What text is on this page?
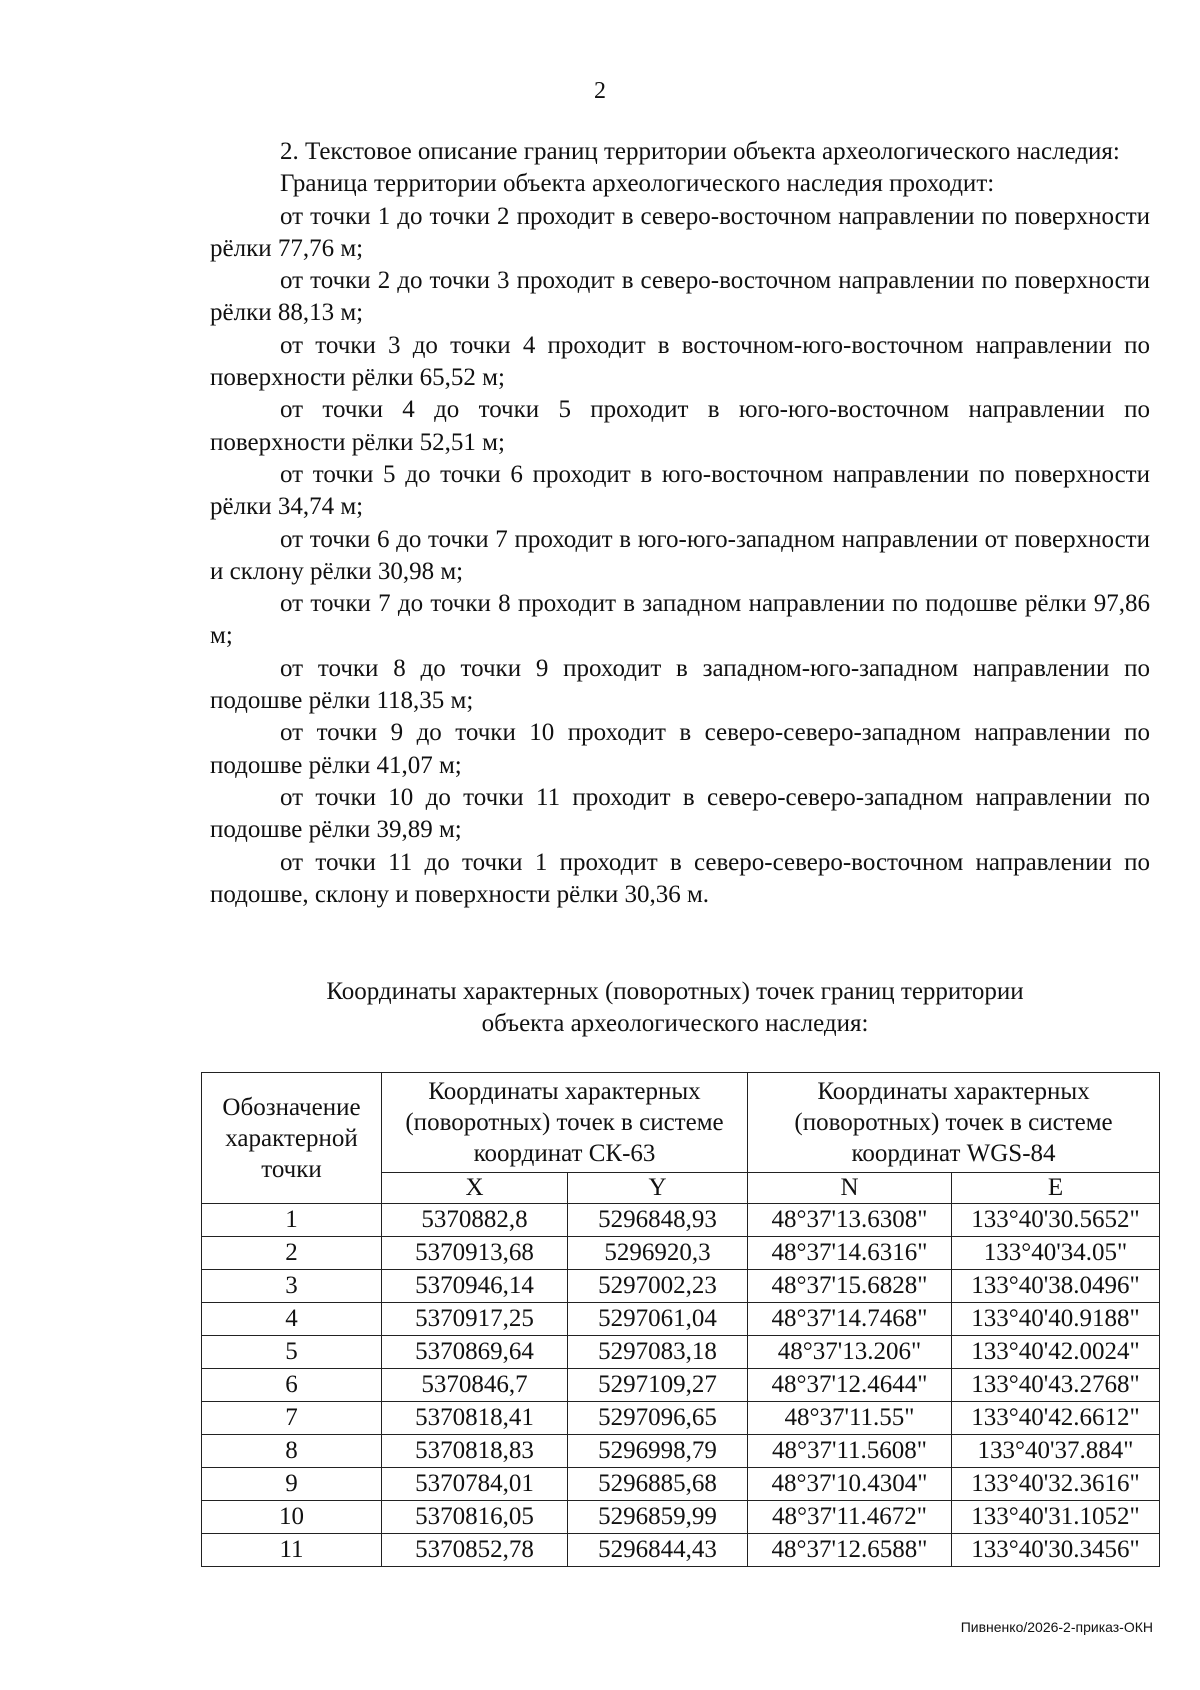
2

2. Текстовое описание границ территории объекта археологического наследия:

Граница территории объекта археологического наследия проходит:

от точки 1 до точки 2 проходит в северо-восточном направлении по поверхности рёлки 77,76 м;

от точки 2 до точки 3 проходит в северо-восточном направлении по поверхности рёлки 88,13 м;

от точки 3 до точки 4 проходит в восточном-юго-восточном направлении по поверхности рёлки 65,52 м;

от точки 4 до точки 5 проходит в юго-юго-восточном направлении по поверхности рёлки 52,51 м;

от точки 5 до точки 6 проходит в юго-восточном направлении по поверхности рёлки 34,74 м;

от точки 6 до точки 7 проходит в юго-юго-западном направлении от поверхности и склону рёлки 30,98 м;

от точки 7 до точки 8 проходит в западном направлении по подошве рёлки 97,86 м;

от точки 8 до точки 9 проходит в западном-юго-западном направлении по подошве рёлки 118,35 м;

от точки 9 до точки 10 проходит в северо-северо-западном направлении по подошве рёлки 41,07 м;

от точки 10 до точки 11 проходит в северо-северо-западном направлении по подошве рёлки 39,89 м;

от точки 11 до точки 1 проходит в северо-северо-восточном направлении по подошве, склону и поверхности рёлки 30,36 м.

Координаты характерных (поворотных) точек границ территории
объекта археологического наследия:
Обозначение характерной точки	Координаты характерных (поворотных) точек в системе координат СК-63		Координаты характерных (поворотных) точек в системе координат WGS-84	
	X	Y	N	E
1	5370882,8	5296848,93	48°37'13.6308"	133°40'30.5652"
2	5370913,68	5296920,3	48°37'14.6316"	133°40'34.05"
3	5370946,14	5297002,23	48°37'15.6828"	133°40'38.0496"
4	5370917,25	5297061,04	48°37'14.7468"	133°40'40.9188"
5	5370869,64	5297083,18	48°37'13.206"	133°40'42.0024"
6	5370846,7	5297109,27	48°37'12.4644"	133°40'43.2768"
7	5370818,41	5297096,65	48°37'11.55"	133°40'42.6612"
8	5370818,83	5296998,79	48°37'11.5608"	133°40'37.884"
9	5370784,01	5296885,68	48°37'10.4304"	133°40'32.3616"
10	5370816,05	5296859,99	48°37'11.4672"	133°40'31.1052"
11	5370852,78	5296844,43	48°37'12.6588"	133°40'30.3456"
Пивненко/2026-2-приказ-ОКН
